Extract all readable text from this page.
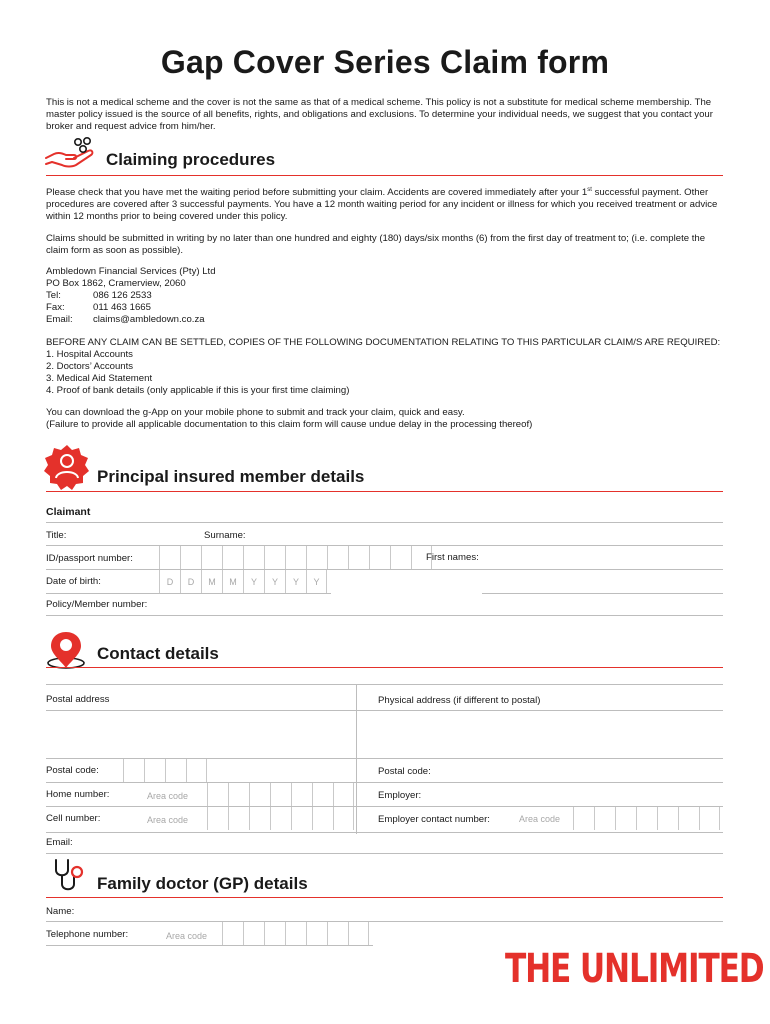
Gap Cover Series Claim form
This is not a medical scheme and the cover is not the same as that of a medical scheme. This policy is not a substitute for medical scheme membership. The master policy issued is the source of all benefits, rights, and obligations and exclusions. To determine your individual needs, we suggest that you contact your broker and request advice from him/her.
Claiming procedures
Please check that you have met the waiting period before submitting your claim. Accidents are covered immediately after your 1st successful payment. Other procedures are covered after 3 successful payments. You have a 12 month waiting period for any incident or illness for which you received treatment or advice within 12 months prior to being covered under this policy.
Claims should be submitted in writing by no later than one hundred and eighty (180) days/six months (6) from the first day of treatment to; (i.e. complete the claim form as soon as possible).
Ambledown Financial Services (Pty) Ltd
PO Box 1862, Cramerview, 2060
Tel:	086 126 2533
Fax:	011 463 1665
Email:	claims@ambledown.co.za
BEFORE ANY CLAIM CAN BE SETTLED, COPIES OF THE FOLLOWING DOCUMENTATION RELATING TO THIS PARTICULAR CLAIM/S ARE REQUIRED:
1. Hospital Accounts
2. Doctors’ Accounts
3. Medical Aid Statement
4. Proof of bank details (only applicable if this is your first time claiming)
You can download the g-App on your mobile phone to submit and track your claim, quick and easy.
(Failure to provide all applicable documentation to this claim form will cause undue delay in the processing thereof)
Principal insured member details
Claimant
Title:	Surname:
ID/passport number:	First names:
Date of birth:	D	D	M	M	Y	Y	Y	Y
Policy/Member number:
Contact details
Postal address	Physical address (if different to postal)
Postal code:	Postal code:
Home number:	Area code	Employer:
Cell number:	Area code	Employer contact number:	Area code
Email:
Family doctor (GP) details
Name:
Telephone number:	Area code
THE UNLIMITED
